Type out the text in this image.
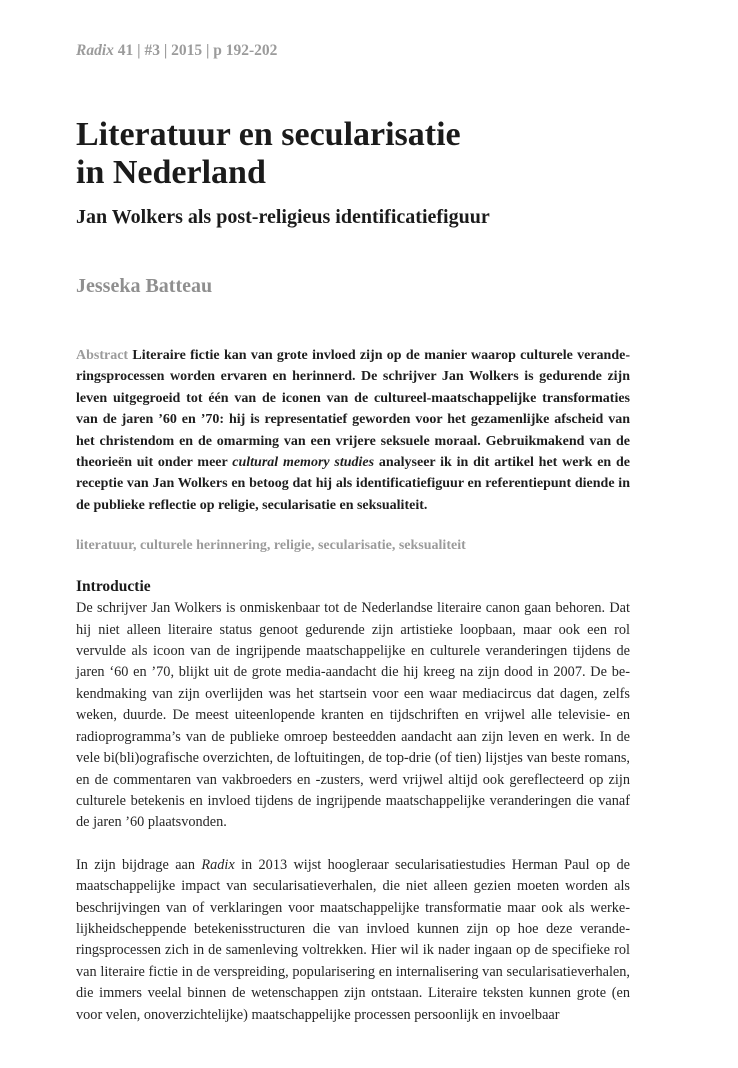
Radix 41 | #3 | 2015 | p 192-202
Literatuur en secularisatie
in Nederland
Jan Wolkers als post-religieus identificatiefiguur
Jesseka Batteau

Abstract Literaire fictie kan van grote invloed zijn op de manier waarop culturele veranderingsprocessen worden ervaren en herinnerd. De schrijver Jan Wolkers is gedurende zijn leven uitgegroeid tot één van de iconen van de cultureel-maatschappelijke transformaties van de jaren ’60 en ’70: hij is representatief geworden voor het gezamenlijke afscheid van het christendom en de omarming van een vrijere seksuele moraal. Gebruikmakend van de theorieën uit onder meer cultural memory studies analyseer ik in dit artikel het werk en de receptie van Jan Wolkers en betoog dat hij als identificatiefiguur en referentiepunt diende in de publieke reflectie op religie, secularisatie en seksualiteit.

literatuur, culturele herinnering, religie, secularisatie, seksualiteit
Introductie

De schrijver Jan Wolkers is onmiskenbaar tot de Nederlandse literaire canon gaan behoren. Dat hij niet alleen literaire status genoot gedurende zijn artistieke loopbaan, maar ook een rol vervulde als icoon van de ingrijpende maatschappelijke en culturele veranderingen tijdens de jaren ‘60 en ’70, blijkt uit de grote media-aandacht die hij kreeg na zijn dood in 2007. De bekendmaking van zijn overlijden was het startsein voor een waar mediacircus dat dagen, zelfs weken, duurde. De meest uiteenlopende kranten en tijdschriften en vrijwel alle televisie- en radioprogramma’s van de publieke omroep besteedden aandacht aan zijn leven en werk. In de vele bi(bli)ografische overzichten, de loftuitingen, de top-drie (of tien) lijstjes van beste romans, en de commentaren van vakbroeders en -zusters, werd vrijwel altijd ook gereflecteerd op zijn culturele betekenis en invloed tijdens de ingrijpende maatschappelijke veranderingen die vanaf de jaren ’60 plaatsvonden.

In zijn bijdrage aan Radix in 2013 wijst hoogleraar secularisatiestudies Herman Paul op de maatschappelijke impact van secularisatieverhalen, die niet alleen gezien moeten worden als beschrijvingen van of verklaringen voor maatschappelijke transformatie maar ook als werkelijkheidscheppende betekenisstructuren die van invloed kunnen zijn op hoe deze veranderingsprocessen zich in de samenleving voltrekken. Hier wil ik nader ingaan op de specifieke rol van literaire fictie in de verspreiding, popularisering en internalisering van secularisatieverhalen, die immers veelal binnen de wetenschappen zijn ontstaan. Literaire teksten kunnen grote (en voor velen, onoverzichtelijke) maatschappelijke processen persoonlijk en invoelbaar
